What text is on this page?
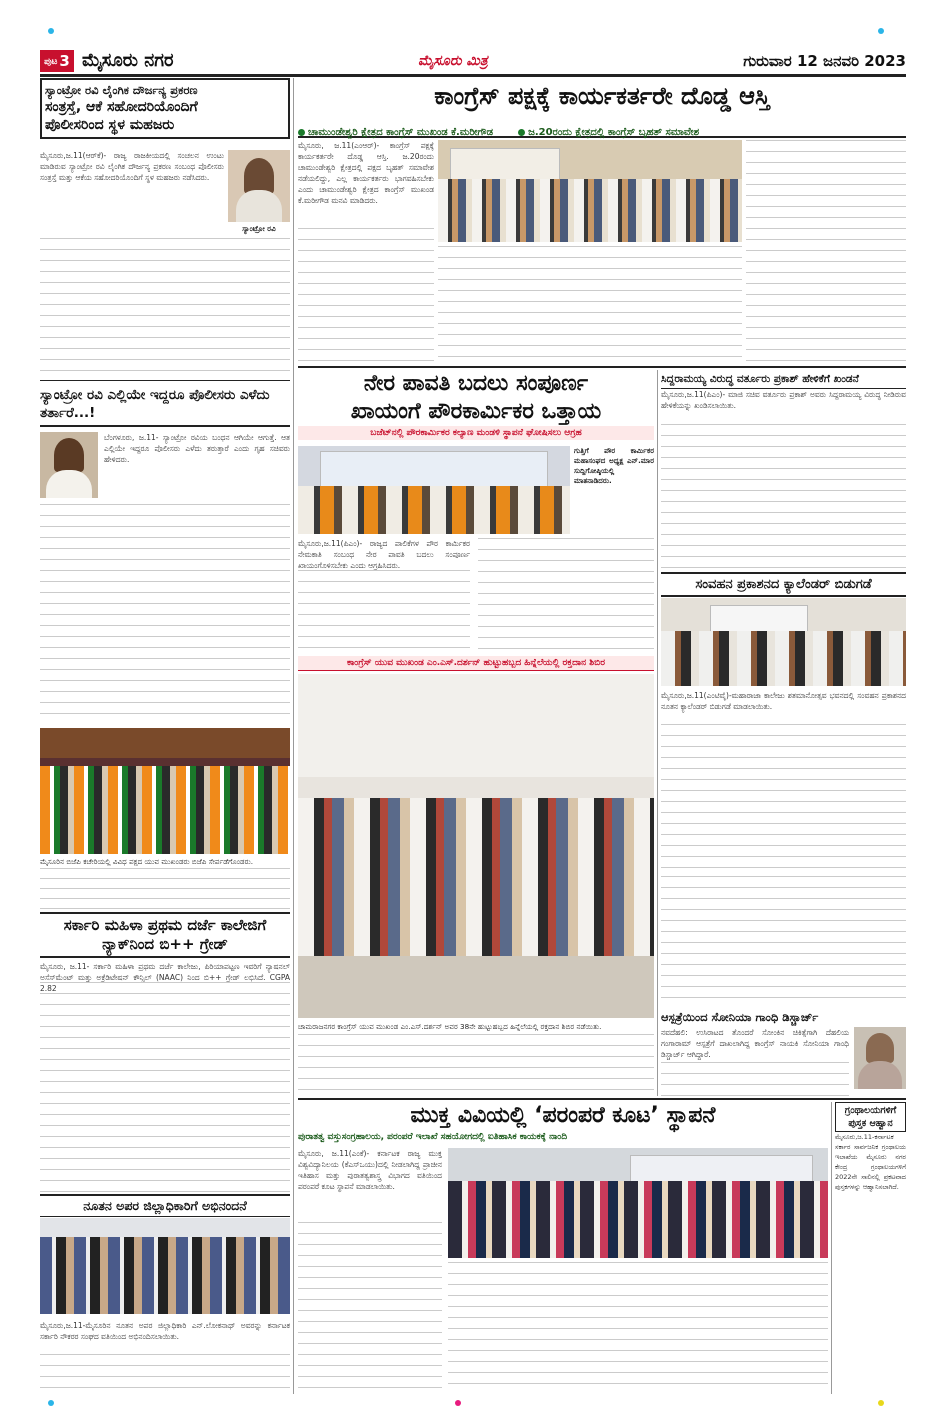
ಪುಟ 3 ಮೈಸೂರು ನಗರ	ಮೈಸೂರು ಮಿತ್ರ	ಗುರುವಾರ 12 ಜನವರಿ 2023

ಸ್ಯಾಂಟ್ರೋ ರವಿ ಲೈಂಗಿಕ ದೌರ್ಜನ್ಯ ಪ್ರಕರಣ

ಸಂತ್ರಸ್ತೆ, ಆಕೆ ಸಹೋದರಿಯೊಂದಿಗೆ

ಪೊಲೀಸರಿಂದ ಸ್ಥಳ ಮಹಜರು

ಸ್ಯಾಂಟ್ರೋ ರವಿ

ಮೈಸೂರು,ಜ.11(ಆರ್‌ಕೆ)- ರಾಜ್ಯ ರಾಜಕೀಯದಲ್ಲಿ ಸಂಚಲನ ಉಂಟು ಮಾಡಿರುವ ಸ್ಯಾಂಟ್ರೋ ರವಿ ಲೈಂಗಿಕ ದೌರ್ಜನ್ಯ ಪ್ರಕರಣ ಸಂಬಂಧ ಪೊಲೀಸರು ಸಂತ್ರಸ್ತೆ ಮತ್ತು ಆಕೆಯ ಸಹೋದರಿಯೊಂದಿಗೆ ಸ್ಥಳ ಮಹಜರು ನಡೆಸಿದರು.

ಸ್ಯಾಂಟ್ರೋ ರವಿ ಎಲ್ಲಿಯೇ ಇದ್ದರೂ ಪೊಲೀಸರು ಎಳೆದು ತರ್ತಾರೆ...!

ಬೆಂಗಳೂರು, ಜ.11- ಸ್ಯಾಂಟ್ರೋ ರವಿಯ ಬಂಧನ ಆಗಿಯೇ ಆಗುತ್ತೆ. ಆತ ಎಲ್ಲಿಯೇ ಇದ್ದರೂ ಪೊಲೀಸರು ಎಳೆದು ತರುತ್ತಾರೆ ಎಂದು ಗೃಹ ಸಚಿವರು ಹೇಳಿದರು.

ಮೈಸೂರಿನ ಬಿಜೆಪಿ ಕಚೇರಿಯಲ್ಲಿ ವಿವಿಧ ಪಕ್ಷದ ಯುವ ಮುಖಂಡರು ಬಿಜೆಪಿ ಸೇರ್ಪಡೆಗೊಂಡರು.

ಸರ್ಕಾರಿ ಮಹಿಳಾ ಪ್ರಥಮ ದರ್ಜೆ ಕಾಲೇಜಿಗೆ ನ್ಯಾಕ್‌ನಿಂದ ಬಿ++ ಗ್ರೇಡ್

ಮೈಸೂರು, ಜ.11- ಸರ್ಕಾರಿ ಮಹಿಳಾ ಪ್ರಥಮ ದರ್ಜೆ ಕಾಲೇಜು, ಪಿರಿಯಾಪಟ್ಟಣ ಇವರಿಗೆ ನ್ಯಾಷನಲ್ ಅಸೆಸ್‌ಮೆಂಟ್ ಮತ್ತು ಅಕ್ರೆಡಿಟೇಷನ್ ಕೌನ್ಸಿಲ್ (NAAC) ನಿಂದ ಬಿ++ ಗ್ರೇಡ್ ಲಭಿಸಿದೆ. CGPA 2.82

ನೂತನ ಅಪರ ಜಿಲ್ಲಾಧಿಕಾರಿಗೆ ಅಭಿನಂದನೆ

ಮೈಸೂರು,ಜ.11-ಮೈಸೂರಿನ ನೂತನ ಅಪರ ಜಿಲ್ಲಾಧಿಕಾರಿ ಎನ್.ಲೋಕನಾಥ್ ಅವರನ್ನು ಕರ್ನಾಟಕ ಸರ್ಕಾರಿ ನೌಕರರ ಸಂಘದ ವತಿಯಿಂದ ಅಭಿನಂದಿಸಲಾಯಿತು.

ಕಾಂಗ್ರೆಸ್ ಪಕ್ಷಕ್ಕೆ ಕಾರ್ಯಕರ್ತರೇ ದೊಡ್ಡ ಆಸ್ತಿ

ಚಾಮುಂಡೇಶ್ವರಿ ಕ್ಷೇತ್ರದ ಕಾಂಗ್ರೆಸ್ ಮುಖಂಡ ಕೆ.ಮರೀಗೌಡ	ಜ.20ರಂದು ಕ್ಷೇತ್ರದಲ್ಲಿ ಕಾಂಗ್ರೆಸ್ ಬೃಹತ್ ಸಮಾವೇಶ

ಮೈಸೂರು, ಜ.11(ಎಂಆರ್)- ಕಾಂಗ್ರೆಸ್ ಪಕ್ಷಕ್ಕೆ ಕಾರ್ಯಕರ್ತರೇ ದೊಡ್ಡ ಆಸ್ತಿ. ಜ.20ರಂದು ಚಾಮುಂಡೇಶ್ವರಿ ಕ್ಷೇತ್ರದಲ್ಲಿ ಪಕ್ಷದ ಬೃಹತ್ ಸಮಾವೇಶ ನಡೆಯಲಿದ್ದು, ಎಲ್ಲ ಕಾರ್ಯಕರ್ತರು ಭಾಗವಹಿಸಬೇಕು ಎಂದು ಚಾಮುಂಡೇಶ್ವರಿ ಕ್ಷೇತ್ರದ ಕಾಂಗ್ರೆಸ್ ಮುಖಂಡ ಕೆ.ಮರೀಗೌಡ ಮನವಿ ಮಾಡಿದರು.

ನೇರ ಪಾವತಿ ಬದಲು ಸಂಪೂರ್ಣ

ಖಾಯಂಗೆ ಪೌರಕಾರ್ಮಿಕರ ಒತ್ತಾಯ

ಬಜೆಟ್‌ನಲ್ಲಿ ಪೌರಕಾರ್ಮಿಕರ ಕಲ್ಯಾಣ ಮಂಡಳಿ ಸ್ಥಾಪನೆ ಘೋಷಿಸಲು ಆಗ್ರಹ

ಗುತ್ತಿಗೆ ಪೌರ ಕಾರ್ಮಿಕರ ಮಹಾಸಂಘದ ಅಧ್ಯಕ್ಷ ಎನ್.ಮಾರ ಸುದ್ದಿಗೋಷ್ಠಿಯಲ್ಲಿ ಮಾತನಾಡಿದರು.

ಮೈಸೂರು,ಜ.11(ಪಿಎಂ)- ರಾಜ್ಯದ ಪಾಲಿಕೆಗಳ ಪೌರ ಕಾರ್ಮಿಕರ ನೇಮಕಾತಿ ಸಂಬಂಧ ನೇರ ಪಾವತಿ ಬದಲು ಸಂಪೂರ್ಣ ಖಾಯಂಗೊಳಿಸಬೇಕು ಎಂದು ಆಗ್ರಹಿಸಿದರು.

ಸಿದ್ದರಾಮಯ್ಯ ವಿರುದ್ಧ ವರ್ತೂರು ಪ್ರಕಾಶ್ ಹೇಳಿಕೆಗೆ ಖಂಡನೆ

ಮೈಸೂರು,ಜ.11(ಪಿಎಂ)- ಮಾಜಿ ಸಚಿವ ವರ್ತೂರು ಪ್ರಕಾಶ್ ಅವರು ಸಿದ್ದರಾಮಯ್ಯ ವಿರುದ್ಧ ನೀಡಿರುವ ಹೇಳಿಕೆಯನ್ನು ಖಂಡಿಸಲಾಯಿತು.

ಸಂವಹನ ಪ್ರಕಾಶನದ ಕ್ಯಾಲೆಂಡರ್ ಬಿಡುಗಡೆ

ಮೈಸೂರು,ಜ.11(ಎಂಟಿವೈ)-ಮಹಾರಾಜಾ ಕಾಲೇಜು ಶತಮಾನೋತ್ಸವ ಭವನದಲ್ಲಿ ಸಂವಹನ ಪ್ರಕಾಶನದ ನೂತನ ಕ್ಯಾಲೆಂಡರ್ ಬಿಡುಗಡೆ ಮಾಡಲಾಯಿತು.

ಆಸ್ಪತ್ರೆಯಿಂದ ಸೋನಿಯಾ ಗಾಂಧಿ ಡಿಸ್ಚಾರ್ಜ್

ನವದೆಹಲಿ: ಉಸಿರಾಟದ ತೊಂದರೆ ಸೋಂಕಿನ ಚಿಕಿತ್ಸೆಗಾಗಿ ದೆಹಲಿಯ ಗಂಗಾರಾಮ್ ಆಸ್ಪತ್ರೆಗೆ ದಾಖಲಾಗಿದ್ದ ಕಾಂಗ್ರೆಸ್ ನಾಯಕಿ ಸೋನಿಯಾ ಗಾಂಧಿ ಡಿಸ್ಚಾರ್ಜ್ ಆಗಿದ್ದಾರೆ.

ಕಾಂಗ್ರೆಸ್ ಯುವ ಮುಖಂಡ ಎಂ.ಎಸ್.ದರ್ಶನ್ ಹುಟ್ಟುಹಬ್ಬದ ಹಿನ್ನೆಲೆಯಲ್ಲಿ ರಕ್ತದಾನ ಶಿಬಿರ

ಚಾಮರಾಜನಗರ ಕಾಂಗ್ರೆಸ್ ಯುವ ಮುಖಂಡ ಎಂ.ಎಸ್.ದರ್ಶನ್ ಅವರ 38ನೇ ಹುಟ್ಟುಹಬ್ಬದ ಹಿನ್ನೆಲೆಯಲ್ಲಿ ರಕ್ತದಾನ ಶಿಬಿರ ನಡೆಯಿತು.

ಮುಕ್ತ ವಿವಿಯಲ್ಲಿ ‘ಪರಂಪರೆ ಕೂಟ’ ಸ್ಥಾಪನೆ

ಪುರಾತತ್ವ ವಸ್ತುಸಂಗ್ರಹಾಲಯ, ಪರಂಪರೆ ಇಲಾಖೆ ಸಹಯೋಗದಲ್ಲಿ ಐತಿಹಾಸಿಕ ಕಾಯಕಕ್ಕೆ ನಾಂದಿ

ಮೈಸೂರು, ಜ.11(ಎಂಕೆ)- ಕರ್ನಾಟಕ ರಾಜ್ಯ ಮುಕ್ತ ವಿಶ್ವವಿದ್ಯಾನಿಲಯ (ಕೆಎಸ್‌ಒಯು)ದಲ್ಲಿ ನೀಡಲಾಗಿದ್ದ ಪ್ರಾಚೀನ ಇತಿಹಾಸ ಮತ್ತು ಪುರಾತತ್ವಶಾಸ್ತ್ರ ವಿಭಾಗದ ವತಿಯಿಂದ ಪರಂಪರೆ ಕೂಟ ಸ್ಥಾಪನೆ ಮಾಡಲಾಯಿತು.

ಗ್ರಂಥಾಲಯಗಳಿಗೆ ಪುಸ್ತಕ ಆಹ್ವಾನ

ಮೈಸೂರು,ಜ.11-ಕರ್ನಾಟಕ ಸರ್ಕಾರ ಸಾರ್ವಜನಿಕ ಗ್ರಂಥಾಲಯ ಇಲಾಖೆಯ ಮೈಸೂರು ನಗರ ಕೇಂದ್ರ ಗ್ರಂಥಾಲಯಗಳಿಗೆ 2022ನೇ ಸಾಲಿನಲ್ಲಿ ಪ್ರಕಟವಾದ ಪುಸ್ತಕಗಳನ್ನು ಆಹ್ವಾನಿಸಲಾಗಿದೆ.
